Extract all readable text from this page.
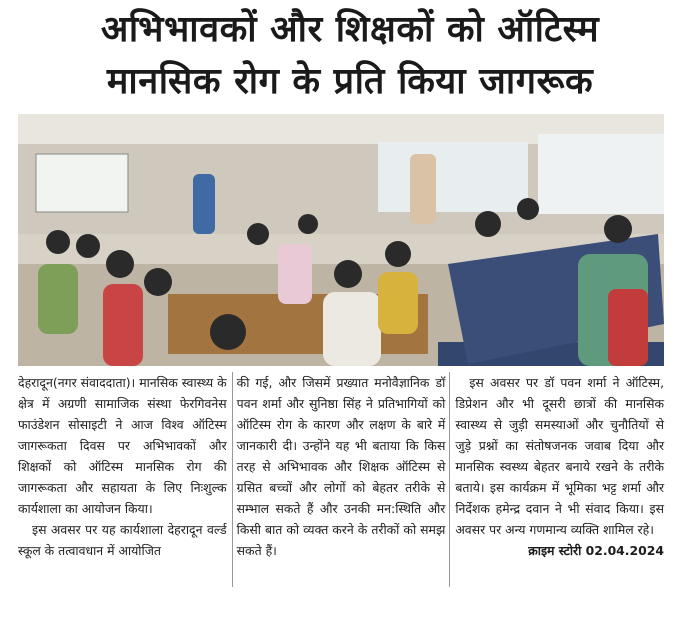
अभिभावकों और शिक्षकों को ऑटिस्म
मानसिक रोग के प्रति किया जागरूक

देहरादून(नगर संवाददाता)। मानसिक स्वास्थ्य के क्षेत्र में अग्रणी सामाजिक संस्था फेरगिवनेस फाउंडेशन सोसाइटी ने आज विश्व ऑटिस्म जागरूकता दिवस पर अभिभावकों और शिक्षकों को ऑटिस्म मानसिक रोग की जागरूकता और सहायता के लिए निःशुल्क कार्यशाला का आयोजन किया।

इस अवसर पर यह कार्यशाला देहरादून वर्ल्ड स्कूल के तत्वावधान में आयोजित

की गई, और जिसमें प्रख्यात मनोवैज्ञानिक डॉ पवन शर्मा और सुनिष्ठा सिंह ने प्रतिभागियों को ऑटिस्म रोग के कारण और लक्षण के बारे में जानकारी दी। उन्होंने यह भी बताया कि किस तरह से अभिभावक और शिक्षक ऑटिस्म से ग्रसित बच्चों और लोगों को बेहतर तरीके से सम्भाल सकते हैं और उनकी मन:स्थिति और किसी बात को व्यक्त करने के तरीकों को समझ सकते हैं।

इस अवसर पर डॉ पवन शर्मा ने ऑटिस्म, डिप्रेशन और भी दूसरी छात्रों की मानसिक स्वास्थ्य से जुड़ी समस्याओं और चुनौतियों से जुड़े प्रश्नों का संतोषजनक जवाब दिया और मानसिक स्वस्थ्य बेहतर बनाये रखने के तरीके बताये। इस कार्यक्रम में भूमिका भट्ट शर्मा और निर्देशक हमेन्द्र दवान ने भी संवाद किया। इस अवसर पर अन्य गणमान्य व्यक्ति शामिल रहे।

क्राइम स्टोरी 02.04.2024
